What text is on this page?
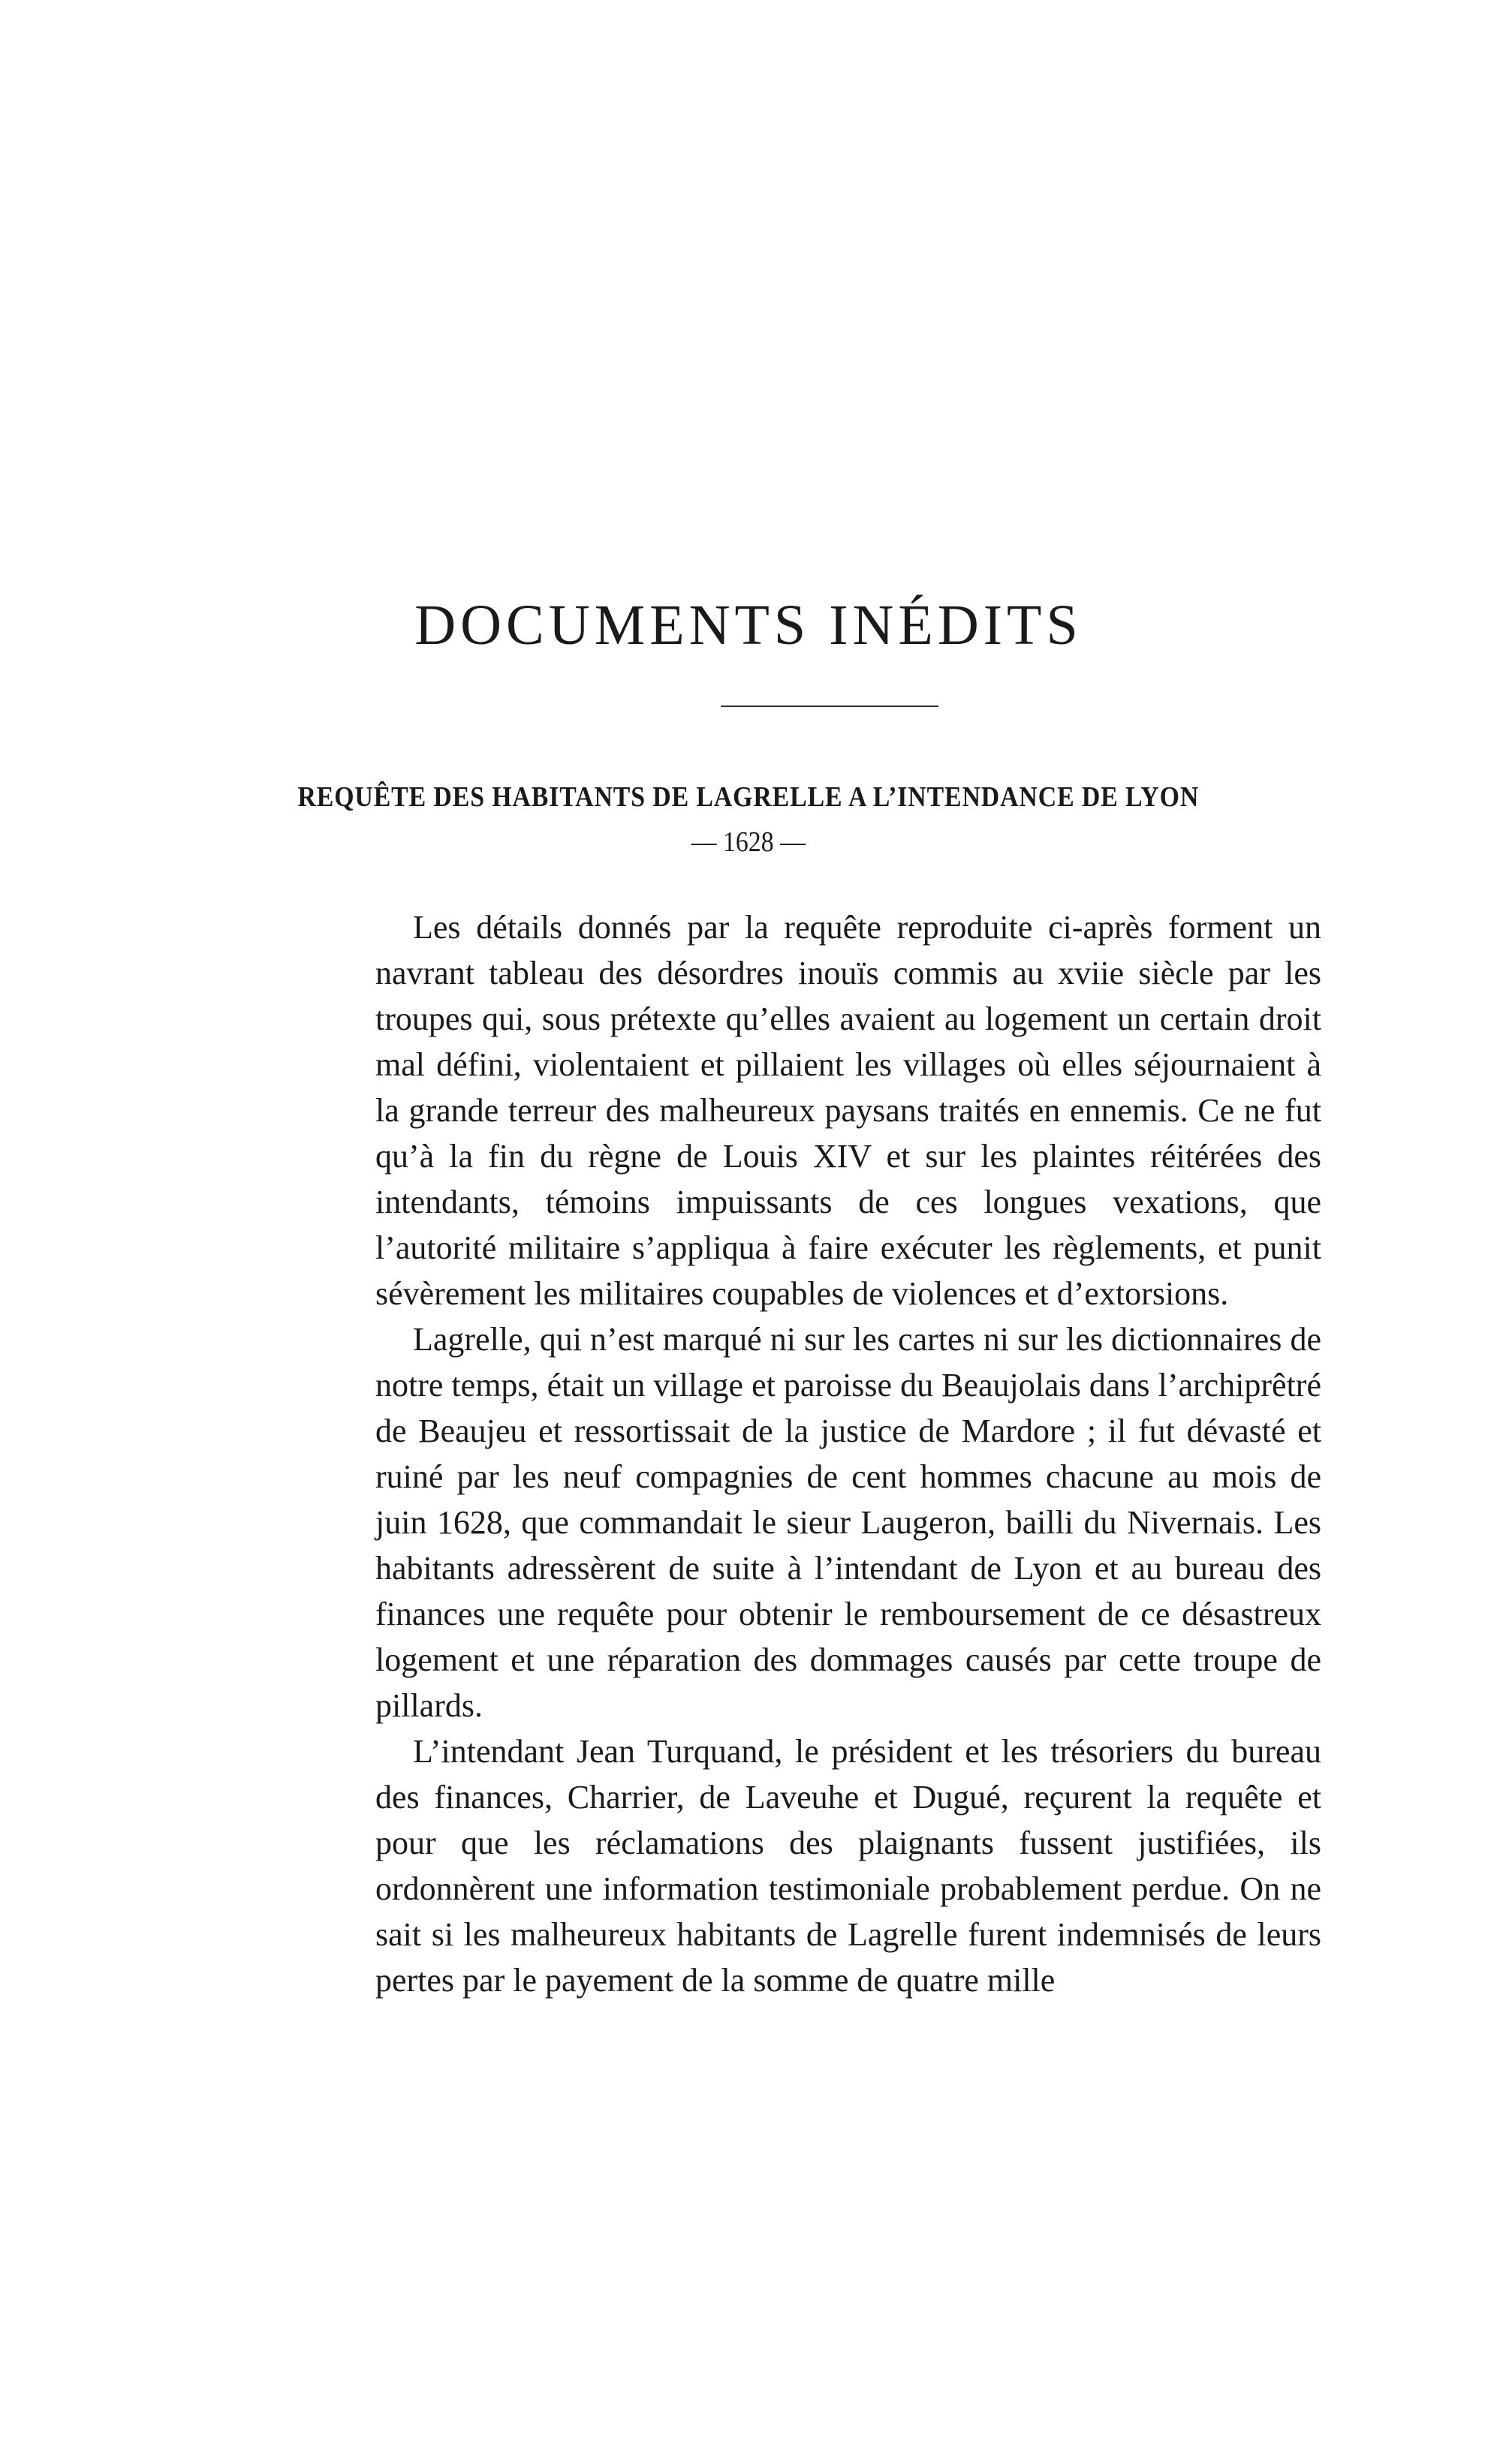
DOCUMENTS INÉDITS
REQUÊTE DES HABITANTS DE LAGRELLE A L’INTENDANCE DE LYON
— 1628 —

Les détails donnés par la requête reproduite ci-après forment un navrant tableau des désordres inouïs commis au xviie siècle par les troupes qui, sous prétexte qu’elles avaient au logement un certain droit mal défini, violentaient et pillaient les villages où elles séjournaient à la grande terreur des malheureux paysans traités en ennemis. Ce ne fut qu’à la fin du règne de Louis XIV et sur les plaintes réitérées des intendants, témoins impuissants de ces longues vexations, que l’autorité militaire s’appliqua à faire exécuter les règlements, et punit sévèrement les militaires coupables de violences et d’extorsions.

Lagrelle, qui n’est marqué ni sur les cartes ni sur les dictionnaires de notre temps, était un village et paroisse du Beaujolais dans l’archiprêtré de Beaujeu et ressortissait de la justice de Mardore ; il fut dévasté et ruiné par les neuf compagnies de cent hommes chacune au mois de juin 1628, que commandait le sieur Laugeron, bailli du Nivernais. Les habitants adressèrent de suite à l’intendant de Lyon et au bureau des finances une requête pour obtenir le remboursement de ce désastreux logement et une réparation des dommages causés par cette troupe de pillards.

L’intendant Jean Turquand, le président et les trésoriers du bureau des finances, Charrier, de Laveuhe et Dugué, reçurent la requête et pour que les réclamations des plaignants fussent justifiées, ils ordonnèrent une information testimoniale probablement perdue. On ne sait si les malheureux habitants de Lagrelle furent indemnisés de leurs pertes par le payement de la somme de quatre mille
